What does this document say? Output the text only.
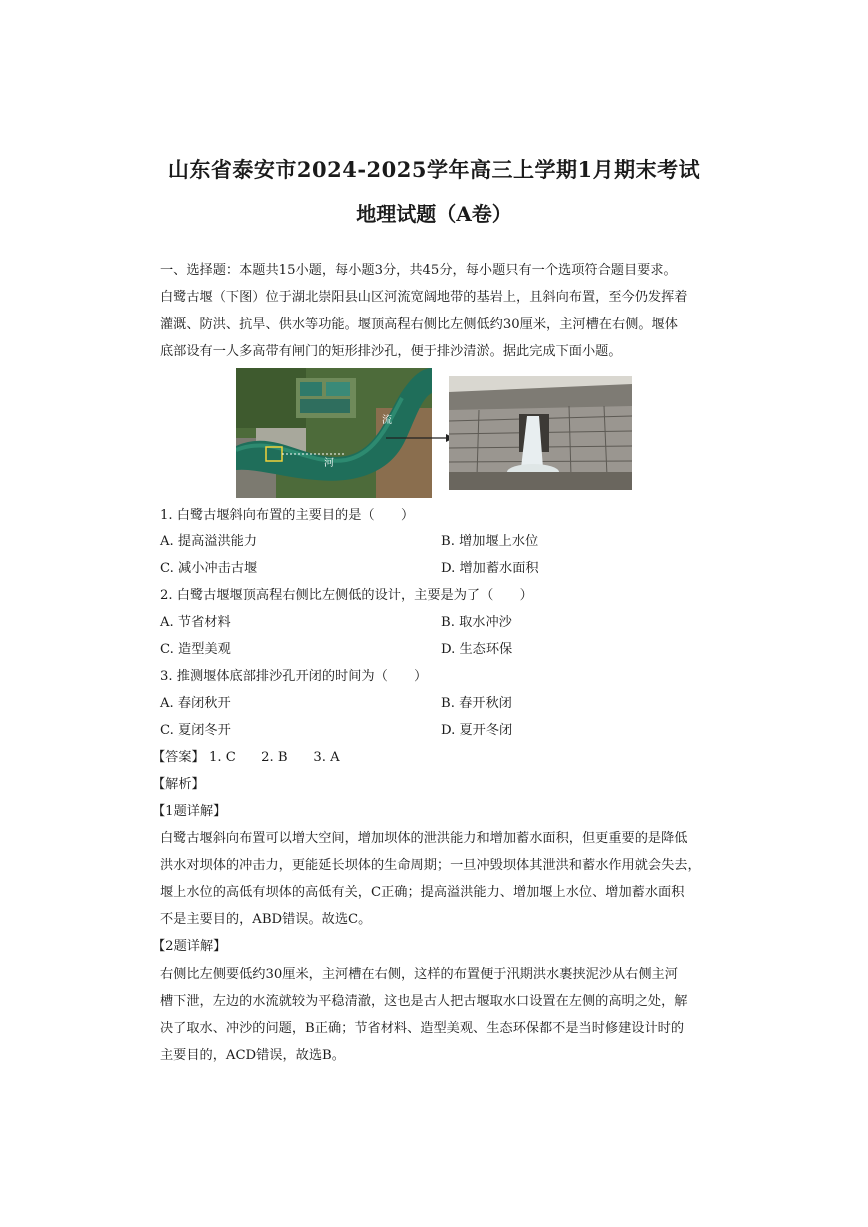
山东省泰安市2024-2025学年高三上学期1月期末考试
地理试题（A卷）
一、选择题：本题共15小题，每小题3分，共45分，每小题只有一个选项符合题目要求。
白鹭古堰（下图）位于湖北崇阳县山区河流宽阔地带的基岩上，且斜向布置，至今仍发挥着
灌溉、防洪、抗旱、供水等功能。堰顶高程右侧比左侧低约30厘米，主河槽在右侧。堰体
底部设有一人多高带有闸门的矩形排沙孔，便于排沙清淤。据此完成下面小题。
流
河
1. 白鹭古堰斜向布置的主要目的是（　　）
A. 提高溢洪能力	B. 增加堰上水位
C. 减小冲击古堰	D. 增加蓄水面积
2. 白鹭古堰堰顶高程右侧比左侧低的设计，主要是为了（　　）
A. 节省材料	B. 取水冲沙
C. 造型美观	D. 生态环保
3. 推测堰体底部排沙孔开闭的时间为（　　）
A. 春闭秋开	B. 春开秋闭
C. 夏闭冬开	D. 夏开冬闭
【答案】 1. C 2. B 3. A
【解析】
【1题详解】
白鹭古堰斜向布置可以增大空间，增加坝体的泄洪能力和增加蓄水面积，但更重要的是降低
洪水对坝体的冲击力，更能延长坝体的生命周期；一旦冲毁坝体其泄洪和蓄水作用就会失去，
堰上水位的高低有坝体的高低有关，C正确；提高溢洪能力、增加堰上水位、增加蓄水面积
不是主要目的，ABD错误。故选C。
【2题详解】
右侧比左侧要低约30厘米，主河槽在右侧，这样的布置便于汛期洪水裹挟泥沙从右侧主河
槽下泄，左边的水流就较为平稳清澈，这也是古人把古堰取水口设置在左侧的高明之处，解
决了取水、冲沙的问题，B正确；节省材料、造型美观、生态环保都不是当时修建设计时的
主要目的，ACD错误，故选B。
